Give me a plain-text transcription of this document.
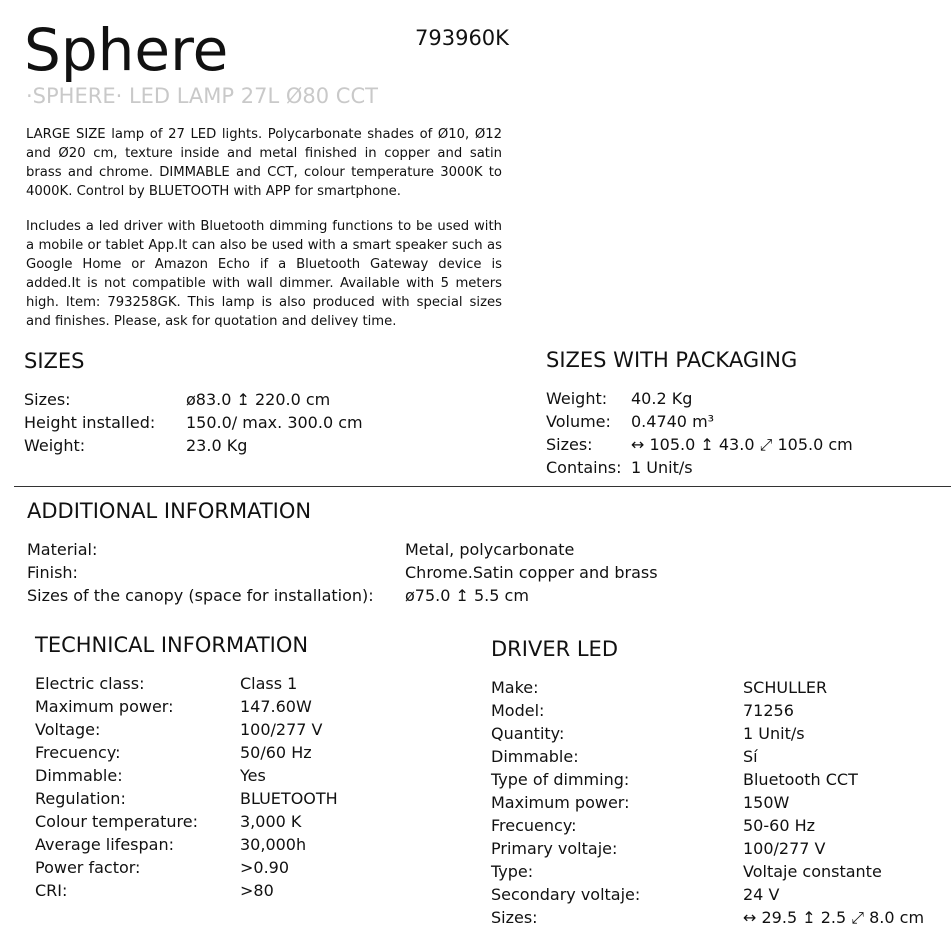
Sphere	793960K
·SPHERE· LED LAMP 27L Ø80 CCT

LARGE SIZE lamp of 27 LED lights. Polycarbonate shades of Ø10, Ø12 and Ø20 cm, texture inside and metal finished in copper and satin brass and chrome. DIMMABLE and CCT, colour temperature 3000K to 4000K. Control by BLUETOOTH with APP for smartphone.

Includes a led driver with Bluetooth dimming functions to be used with a mobile or tablet App.It can also be used with a smart speaker such as Google Home or Amazon Echo if a Bluetooth Gateway device is added.It is not compatible with wall dimmer. Available with 5 meters high. Item: 793258GK. This lamp is also produced with special sizes and finishes. Please, ask for quotation and delivey time.

SIZES
Sizes:	ø83.0 ↥ 220.0 cm
Height installed: 150.0/ max. 300.0 cm
Weight:	23.0 Kg
SIZES WITH PACKAGING
Weight: 40.2 Kg
Volume: 0.4740 m³
Sizes: ↔ 105.0 ↥ 43.0 ⤢ 105.0 cm
Contains: 1 Unit/s
ADDITIONAL INFORMATION
Material:	Metal, polycarbonate
Finish:	Chrome.Satin copper and brass
Sizes of the canopy (space for installation): ø75.0 ↥ 5.5 cm
TECHNICAL INFORMATION
Electric class:	Class 1
Maximum power:	147.60W
Voltage:	100/277 V
Frecuency:	50/60 Hz
Dimmable:	Yes
Regulation:	BLUETOOTH
Colour temperature:	3,000 K
Average lifespan:	30,000h
Power factor:	>0.90
CRI:	>80
DRIVER LED
Make:	SCHULLER
Model:	71256
Quantity:	1 Unit/s
Dimmable:	Sí
Type of dimming:	Bluetooth CCT
Maximum power:	150W
Frecuency:	50-60 Hz
Primary voltaje:	100/277 V
Type:	Voltaje constante
Secondary voltaje:	24 V
Sizes:	↔ 29.5 ↥ 2.5 ⤢ 8.0 cm
